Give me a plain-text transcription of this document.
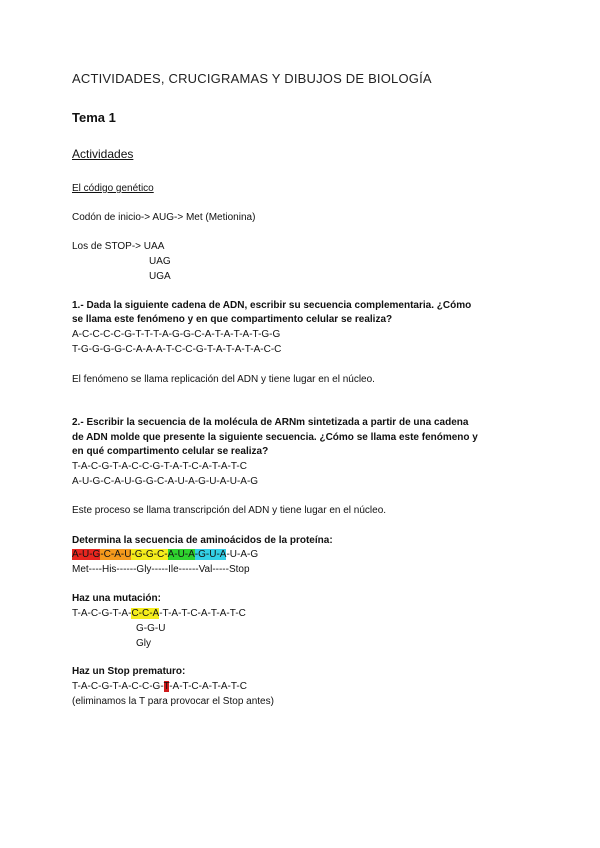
ACTIVIDADES, CRUCIGRAMAS Y DIBUJOS DE BIOLOGÍA
Tema 1
Actividades
El código genético
Codón de inicio-> AUG-> Met (Metionina)
Los de STOP-> UAA
UAG
UGA
1.- Dada la siguiente cadena de ADN, escribir su secuencia complementaria. ¿Cómo
se llama este fenómeno y en que compartimento celular se realiza?
A-C-C-C-C-G-T-T-T-A-G-G-C-A-T-A-T-A-T-G-G
T-G-G-G-G-C-A-A-A-T-C-C-G-T-A-T-A-T-A-C-C
El fenómeno se llama replicación del ADN y tiene lugar en el núcleo.
2.- Escribir la secuencia de la molécula de ARNm sintetizada a partir de una cadena
de ADN molde que presente la siguiente secuencia. ¿Cómo se llama este fenómeno y
en qué compartimento celular se realiza?
T-A-C-G-T-A-C-C-G-T-A-T-C-A-T-A-T-C
A-U-G-C-A-U-G-G-C-A-U-A-G-U-A-U-A-G
Este proceso se llama transcripción del ADN y tiene lugar en el núcleo.
Determina la secuencia de aminoácidos de la proteína:
A-U-G-C-A-U-G-G-C-A-U-A-G-U-A-U-A-G
Met----His------Gly-----Ile------Val-----Stop
Haz una mutación:
T-A-C-G-T-A-C-C-A-T-A-T-C-A-T-A-T-C
G-G-U
Gly
Haz un Stop prematuro:
T-A-C-G-T-A-C-C-G-T-A-T-C-A-T-A-T-C
(eliminamos la T para provocar el Stop antes)
